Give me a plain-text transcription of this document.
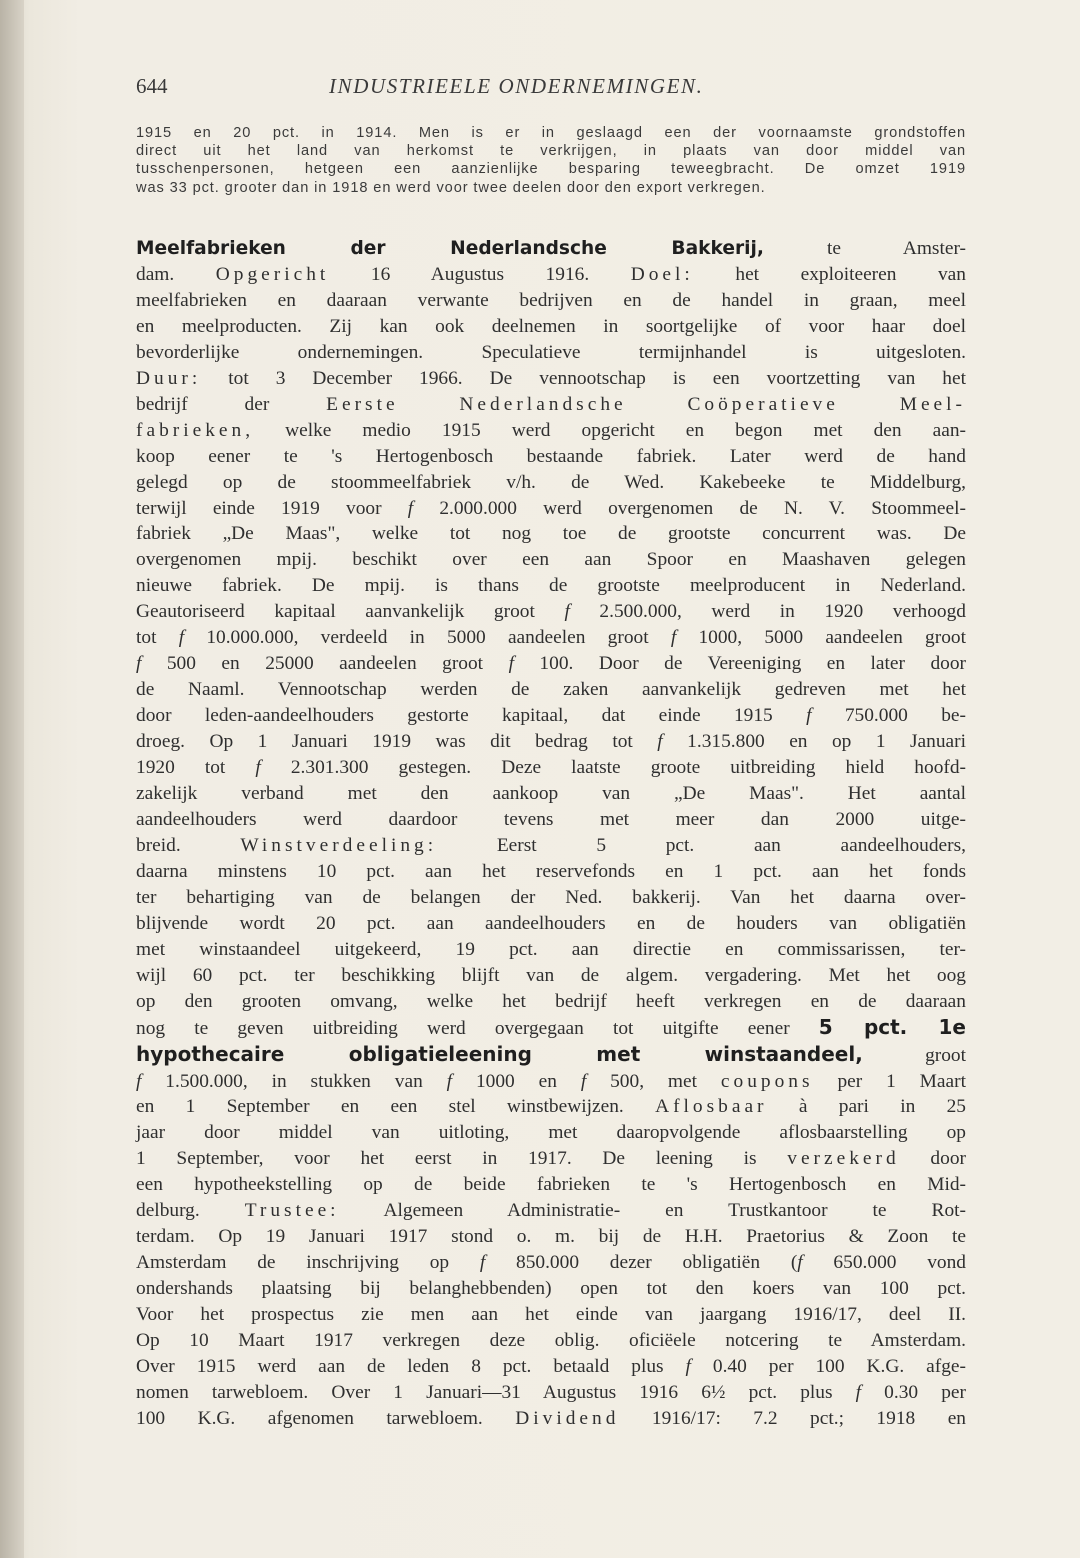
644	INDUSTRIEELE ONDERNEMINGEN.
1915 en 20 pct. in 1914. Men is er in geslaagd een der voornaamste grondstoffen
direct uit het land van herkomst te verkrijgen, in plaats van door middel van
tusschenpersonen, hetgeen een aanzienlijke besparing teweegbracht. De omzet 1919
was 33 pct. grooter dan in 1918 en werd voor twee deelen door den export verkregen.
Meelfabrieken der Nederlandsche Bakkerij, te Amster-
dam. Opgericht 16 Augustus 1916. Doel: het exploiteeren van
meelfabrieken en daaraan verwante bedrijven en de handel in graan, meel
en meelproducten. Zij kan ook deelnemen in soortgelijke of voor haar doel
bevorderlijke ondernemingen. Speculatieve termijnhandel is uitgesloten.
Duur: tot 3 December 1966. De vennootschap is een voortzetting van het
bedrijf der Eerste Nederlandsche Coöperatieve Meel-
fabrieken, welke medio 1915 werd opgericht en begon met den aan-
koop eener te 's Hertogenbosch bestaande fabriek. Later werd de hand
gelegd op de stoommeelfabriek v/h. de Wed. Kakebeeke te Middelburg,
terwijl einde 1919 voor f 2.000.000 werd overgenomen de N. V. Stoommeel-
fabriek „De Maas", welke tot nog toe de grootste concurrent was. De
overgenomen mpij. beschikt over een aan Spoor en Maashaven gelegen
nieuwe fabriek. De mpij. is thans de grootste meelproducent in Nederland.
Geautoriseerd kapitaal aanvankelijk groot f 2.500.000, werd in 1920 verhoogd
tot f 10.000.000, verdeeld in 5000 aandeelen groot f 1000, 5000 aandeelen groot
f 500 en 25000 aandeelen groot f 100. Door de Vereeniging en later door
de Naaml. Vennootschap werden de zaken aanvankelijk gedreven met het
door leden-aandeelhouders gestorte kapitaal, dat einde 1915 f 750.000 be-
droeg. Op 1 Januari 1919 was dit bedrag tot f 1.315.800 en op 1 Januari
1920 tot f 2.301.300 gestegen. Deze laatste groote uitbreiding hield hoofd-
zakelijk verband met den aankoop van „De Maas". Het aantal
aandeelhouders werd daardoor tevens met meer dan 2000 uitge-
breid. Winstverdeeling: Eerst 5 pct. aan aandeelhouders,
daarna minstens 10 pct. aan het reservefonds en 1 pct. aan het fonds
ter behartiging van de belangen der Ned. bakkerij. Van het daarna over-
blijvende wordt 20 pct. aan aandeelhouders en de houders van obligatiën
met winstaandeel uitgekeerd, 19 pct. aan directie en commissarissen, ter-
wijl 60 pct. ter beschikking blijft van de algem. vergadering. Met het oog
op den grooten omvang, welke het bedrijf heeft verkregen en de daaraan
nog te geven uitbreiding werd overgegaan tot uitgifte eener 5 pct. 1e
hypothecaire obligatieleening met winstaandeel, groot
f 1.500.000, in stukken van f 1000 en f 500, met coupons per 1 Maart
en 1 September en een stel winstbewijzen. Aflosbaar à pari in 25
jaar door middel van uitloting, met daaropvolgende aflosbaarstelling op
1 September, voor het eerst in 1917. De leening is verzekerd door
een hypotheekstelling op de beide fabrieken te 's Hertogenbosch en Mid-
delburg. Trustee: Algemeen Administratie- en Trustkantoor te Rot-
terdam. Op 19 Januari 1917 stond o. m. bij de H.H. Praetorius & Zoon te
Amsterdam de inschrijving op f 850.000 dezer obligatiën (f 650.000 vond
ondershands plaatsing bij belanghebbenden) open tot den koers van 100 pct.
Voor het prospectus zie men aan het einde van jaargang 1916/17, deel II.
Op 10 Maart 1917 verkregen deze oblig. oficiëele notcering te Amsterdam.
Over 1915 werd aan de leden 8 pct. betaald plus f 0.40 per 100 K.G. afge-
nomen tarwebloem. Over 1 Januari—31 Augustus 1916 6½ pct. plus f 0.30 per
100 K.G. afgenomen tarwebloem. Dividend 1916/17: 7.2 pct.; 1918 en
